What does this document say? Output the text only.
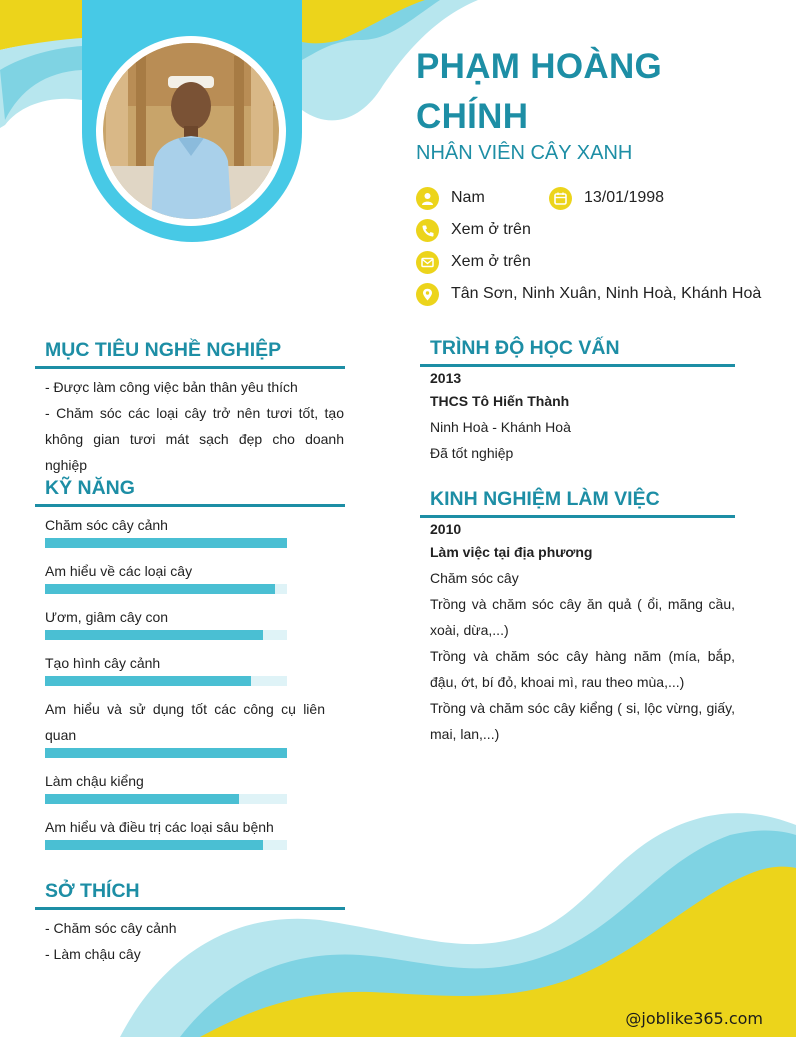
PHẠM HOÀNG CHÍNH
NHÂN VIÊN CÂY XANH
Nam	13/01/1998
Xem ở trên
Xem ở trên
Tân Sơn, Ninh Xuân, Ninh Hoà, Khánh Hoà
MỤC TIÊU NGHỀ NGHIỆP
- Được làm công việc bản thân yêu thích
- Chăm sóc các loại cây trở nên tươi tốt, tạo không gian tươi mát sạch đẹp cho doanh nghiệp
KỸ NĂNG
Chăm sóc cây cảnh
Am hiểu về các loại cây
Ươm, giâm cây con
Tạo hình cây cảnh
Am hiểu và sử dụng tốt các công cụ liên quan
Làm chậu kiểng
Am hiểu và điều trị các loại sâu bệnh
SỞ THÍCH
- Chăm sóc cây cảnh
- Làm chậu cây
TRÌNH ĐỘ HỌC VẤN
2013
THCS Tô Hiến Thành
Ninh Hoà - Khánh Hoà
Đã tốt nghiệp
KINH NGHIỆM LÀM VIỆC
2010
Làm việc tại địa phương
Chăm sóc cây
Trồng và chăm sóc cây ăn quả ( ổi, mãng cầu, xoài, dừa,...)
Trồng và chăm sóc cây hàng năm (mía, bắp, đậu, ớt, bí đỏ, khoai mì, rau theo mùa,...)
Trồng và chăm sóc cây kiểng ( si, lộc vừng, giấy, mai, lan,...)
@joblike365.com
